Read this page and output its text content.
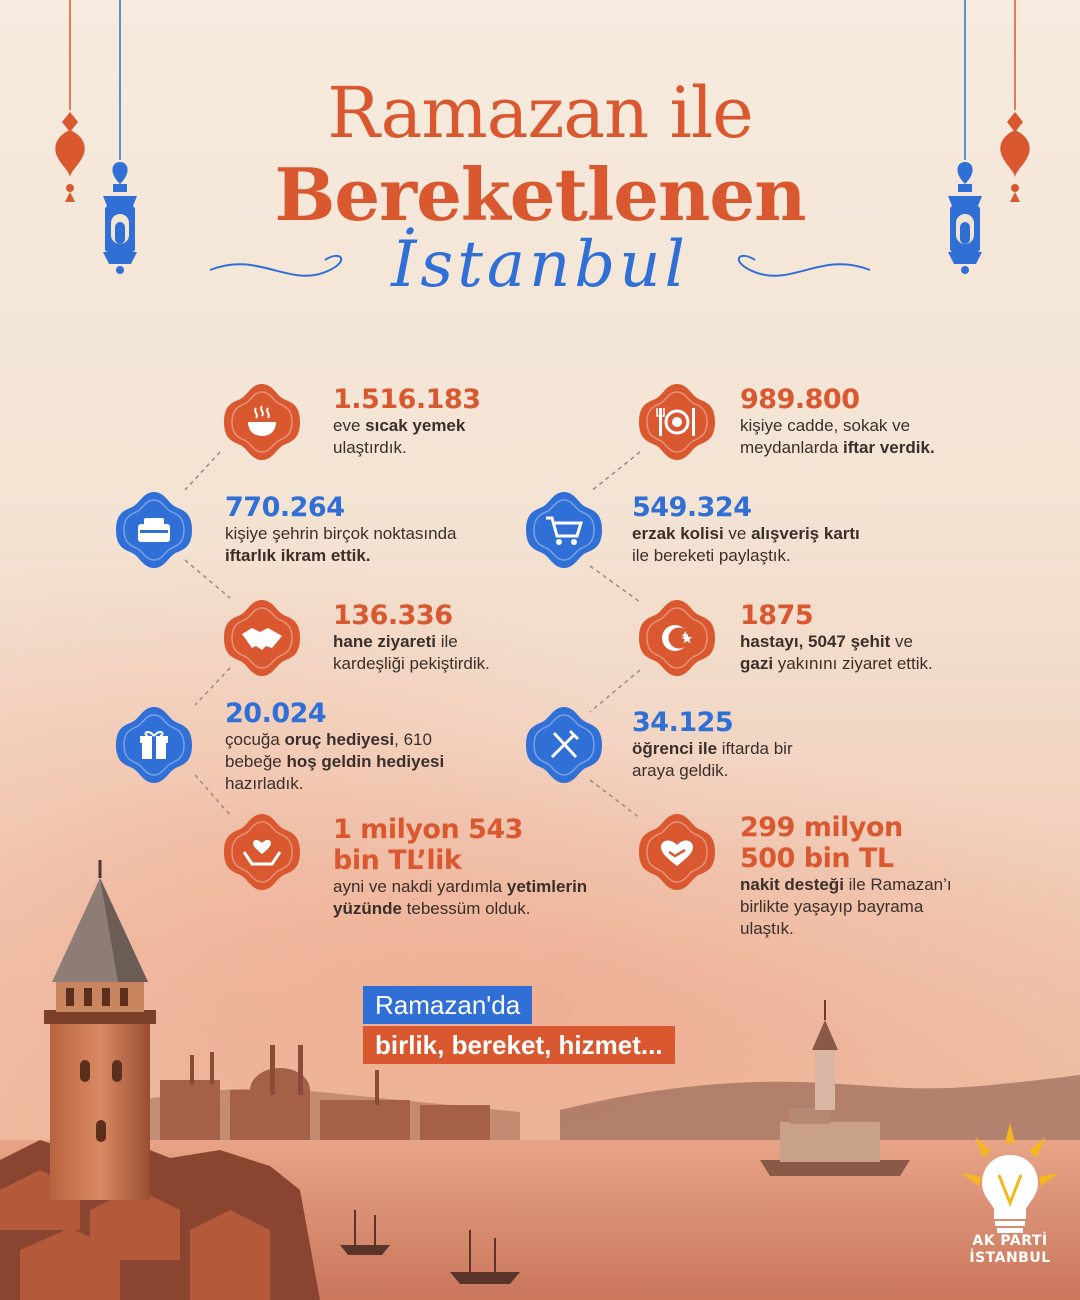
Ramazan ile
Bereketlenen
İstanbul
1.516.183
eve sıcak yemek
ulaştırdık.
989.800
kişiye cadde, sokak ve
meydanlarda iftar verdik.
770.264
kişiye şehrin birçok noktasında
iftarlık ikram ettik.
549.324
erzak kolisi ve alışveriş kartı
ile bereketi paylaştık.
136.336
hane ziyareti ile
kardeşliği pekiştirdik.
1875
hastayı, 5047 şehit ve
gazi yakınını ziyaret ettik.
20.024
çocuğa oruç hediyesi, 610
bebeğe hoş geldin hediyesi
hazırladık.
34.125
öğrenci ile iftarda bir
araya geldik.
1 milyon 543
bin TL’lik
ayni ve nakdi yardımla yetimlerin
yüzünde tebessüm olduk.
299 milyon
500 bin TL
nakit desteği ile Ramazan’ı
birlikte yaşayıp bayrama
ulaştık.
Ramazan'da
birlik, bereket, hizmet...
AK PARTİ
İSTANBUL
